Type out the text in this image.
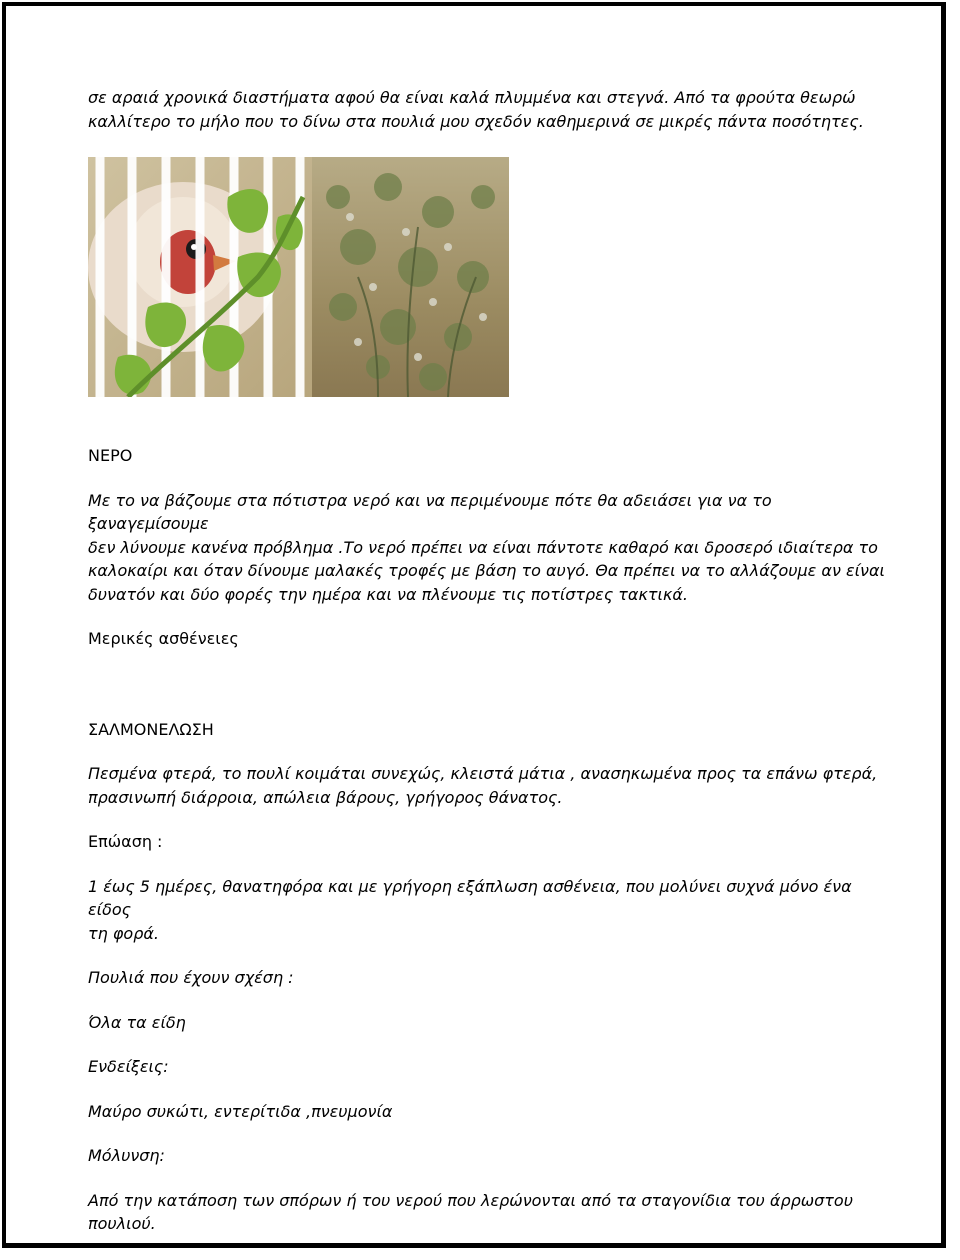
σε αραιά χρονικά διαστήματα αφού θα είναι καλά πλυμμένα και στεγνά. Από τα φρούτα θεωρώ

καλλίτερο το μήλο που το δίνω στα πουλιά μου σχεδόν καθημερινά σε μικρές πάντα ποσότητες.

ΝΕΡΟ

Με το να βάζουμε στα πότιστρα νερό και να περιμένουμε πότε θα αδειάσει για να το ξαναγεμίσουμε

δεν λύνουμε κανένα πρόβλημα .Το νερό πρέπει να είναι πάντοτε καθαρό και δροσερό ιδιαίτερα το

καλοκαίρι και όταν δίνουμε μαλακές τροφές με βάση το αυγό. Θα πρέπει να το αλλάζουμε αν είναι

δυνατόν και δύο φορές την ημέρα και να πλένουμε τις ποτίστρες τακτικά.

Μερικές ασθένειες

ΣΑΛΜΟΝΕΛΩΣΗ

Πεσμένα φτερά, το πουλί κοιμάται συνεχώς, κλειστά μάτια , ανασηκωμένα προς τα επάνω φτερά,

πρασινωπή διάρροια, απώλεια βάρους, γρήγορος θάνατος.

Επώαση :

1 έως 5 ημέρες, θανατηφόρα και με γρήγορη εξάπλωση ασθένεια, που μολύνει συχνά μόνο ένα είδος

τη φορά.

Πουλιά που έχουν σχέση :

Όλα τα είδη

Ενδείξεις:

Μαύρο συκώτι, εντερίτιδα ,πνευμονία

Μόλυνση:

Από την κατάποση των σπόρων ή του νερού που λερώνονται από τα σταγονίδια του άρρωστου πουλιού.
